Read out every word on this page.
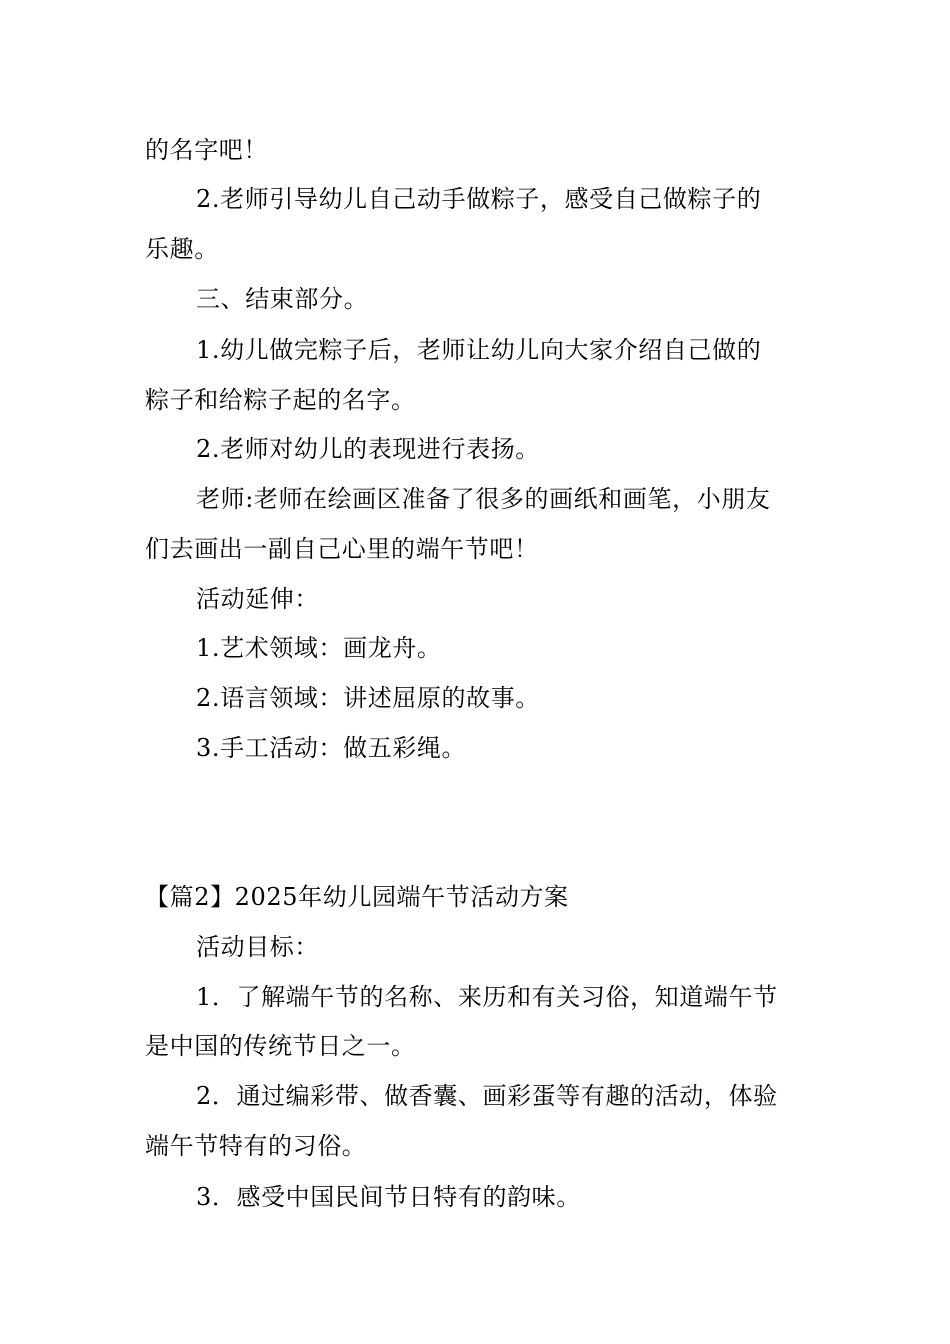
的名字吧！
2.老师引导幼儿自己动手做粽子，感受自己做粽子的
乐趣。
三、结束部分。
1.幼儿做完粽子后，老师让幼儿向大家介绍自己做的
粽子和给粽子起的名字。
2.老师对幼儿的表现进行表扬。
老师:老师在绘画区准备了很多的画纸和画笔，小朋友
们去画出一副自己心里的端午节吧！
活动延伸：
1.艺术领域：画龙舟。
2.语言领域：讲述屈原的故事。
3.手工活动：做五彩绳。
【篇2】2025年幼儿园端午节活动方案
活动目标：
1．了解端午节的名称、来历和有关习俗，知道端午节
是中国的传统节日之一。
2．通过编彩带、做香囊、画彩蛋等有趣的活动，体验
端午节特有的习俗。
3．感受中国民间节日特有的韵味。
